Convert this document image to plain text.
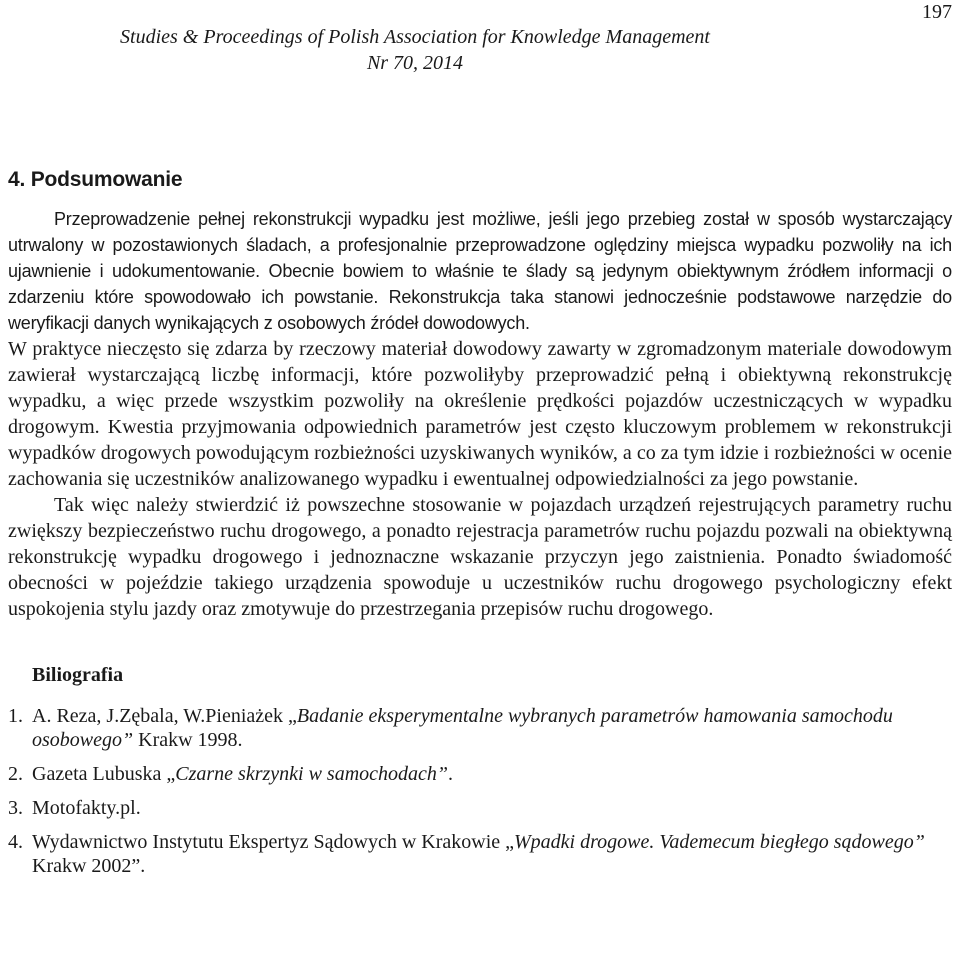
197
Studies & Proceedings of Polish Association for Knowledge Management
Nr 70, 2014
4. Podsumowanie

Przeprowadzenie pełnej rekonstrukcji wypadku jest możliwe, jeśli jego przebieg został w sposób wystarczający utrwalony w pozostawionych śladach, a profesjonalnie przeprowadzone oględziny miejsca wypadku pozwoliły na ich ujawnienie i udokumentowanie. Obecnie bowiem to właśnie te ślady są jedynym obiektywnym źródłem informacji o zdarzeniu które spowodowało ich powstanie. Rekonstrukcja taka stanowi jednocześnie podstawowe narzędzie do weryfikacji danych wynikających z osobowych źródeł dowodowych.

W praktyce nieczęsto się zdarza by rzeczowy materiał dowodowy zawarty w zgromadzonym materiale dowodowym zawierał wystarczającą liczbę informacji, które pozwoliłyby przeprowadzić pełną i obiektywną rekonstrukcję wypadku, a więc przede wszystkim pozwoliły na określenie prędkości pojazdów uczestniczących w wypadku drogowym. Kwestia przyjmowania odpowiednich parametrów jest często kluczowym problemem w rekonstrukcji wypadków drogowych powodującym rozbieżności uzyskiwanych wyników, a co za tym idzie i rozbieżności w ocenie zachowania się uczestników analizowanego wypadku i ewentualnej odpowiedzialności za jego powstanie.

Tak więc należy stwierdzić iż powszechne stosowanie w pojazdach urządzeń rejestrujących parametry ruchu zwiększy bezpieczeństwo ruchu drogowego, a ponadto rejestracja parametrów ruchu pojazdu pozwali na obiektywną rekonstrukcję wypadku drogowego i jednoznaczne wskazanie przyczyn jego zaistnienia. Ponadto świadomość obecności w pojeździe takiego urządzenia spowoduje u uczestników ruchu drogowego psychologiczny efekt uspokojenia stylu jazdy oraz zmotywuje do przestrzegania przepisów ruchu drogowego.

Biliografia
1. A. Reza, J.Zębala, W.Pieniażek „Badanie eksperymentalne wybranych parametrów hamowania samochodu osobowego” Krakw 1998.
2. Gazeta Lubuska „Czarne skrzynki w samochodach”.
3. Motofakty.pl.
4. Wydawnictwo Instytutu Ekspertyz Sądowych w Krakowie „Wpadki drogowe. Vademecum biegłego sądowego” Krakw 2002”.
